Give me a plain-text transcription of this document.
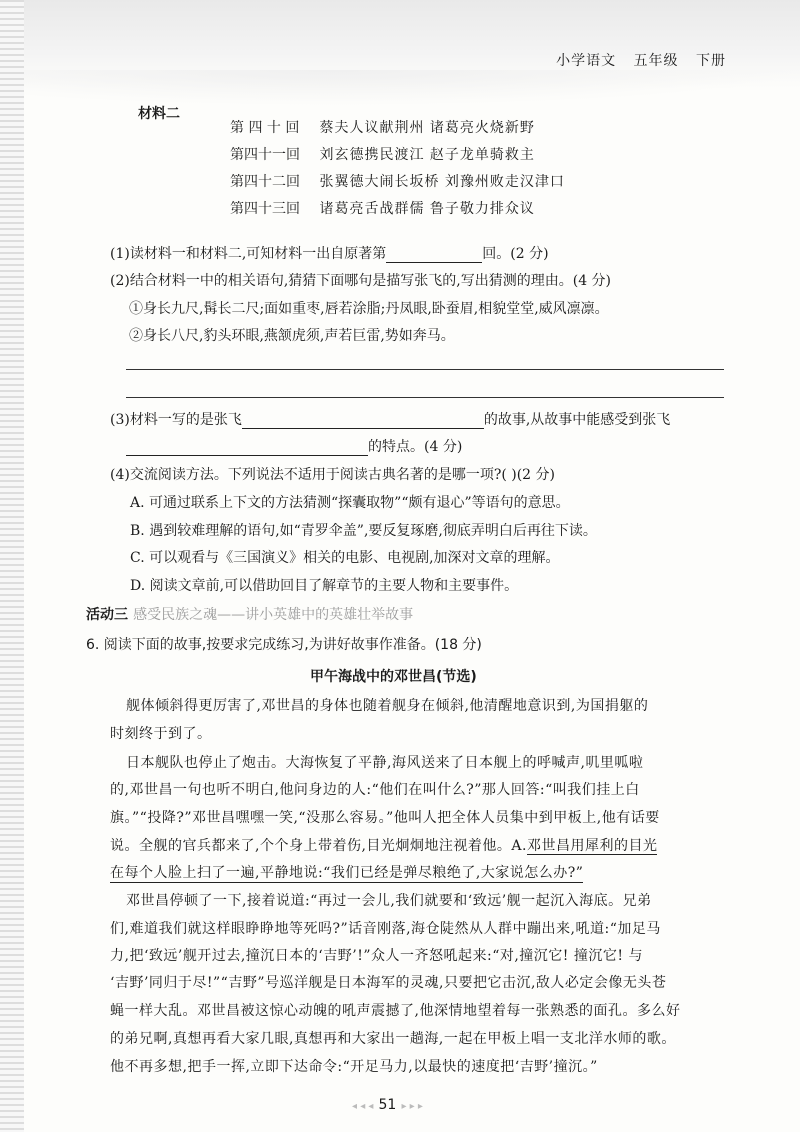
小学语文 五年级 下册
材料二
第 四 十 回 蔡夫人议献荆州 诸葛亮火烧新野
第四十一回 刘玄德携民渡江 赵子龙单骑救主
第四十二回 张翼德大闹长坂桥 刘豫州败走汉津口
第四十三回 诸葛亮舌战群儒 鲁子敬力排众议
(1)读材料一和材料二,可知材料一出自原著第	回。(2 分)
(2)结合材料一中的相关语句,猜猜下面哪句是描写张飞的,写出猜测的理由。(4 分)
①身长九尺,髯长二尺;面如重枣,唇若涂脂;丹凤眼,卧蚕眉,相貌堂堂,威风凛凛。
②身长八尺,豹头环眼,燕颔虎须,声若巨雷,势如奔马。
(3)材料一写的是张飞	的故事,从故事中能感受到张飞
的特点。(4 分)
(4)交流阅读方法。下列说法不适用于阅读古典名著的是哪一项?( )(2 分)
A. 可通过联系上下文的方法猜测“探囊取物”“颇有退心”等语句的意思。
B. 遇到较难理解的语句,如“青罗伞盖”,要反复琢磨,彻底弄明白后再往下读。
C. 可以观看与《三国演义》相关的电影、电视剧,加深对文章的理解。
D. 阅读文章前,可以借助回目了解章节的主要人物和主要事件。
活动三 感受民族之魂——讲小英雄中的英雄壮举故事
6. 阅读下面的故事,按要求完成练习,为讲好故事作准备。(18 分)
甲午海战中的邓世昌(节选)
舰体倾斜得更厉害了,邓世昌的身体也随着舰身在倾斜,他清醒地意识到,为国捐躯的
时刻终于到了。
日本舰队也停止了炮击。大海恢复了平静,海风送来了日本舰上的呼喊声,叽里呱啦
的,邓世昌一句也听不明白,他问身边的人:“他们在叫什么?”那人回答:“叫我们挂上白
旗。”“投降?”邓世昌嘿嘿一笑,“没那么容易。”他叫人把全体人员集中到甲板上,他有话要
说。全舰的官兵都来了,个个身上带着伤,目光炯炯地注视着他。A.邓世昌用犀利的目光
在每个人脸上扫了一遍,平静地说:“我们已经是弹尽粮绝了,大家说怎么办?”
邓世昌停顿了一下,接着说道:“再过一会儿,我们就要和‘致远’舰一起沉入海底。兄弟
们,难道我们就这样眼睁睁地等死吗?”话音刚落,海仓陡然从人群中蹦出来,吼道:“加足马
力,把‘致远’舰开过去,撞沉日本的‘吉野’!”众人一齐怒吼起来:“对,撞沉它! 撞沉它! 与
‘吉野’同归于尽!”“吉野”号巡洋舰是日本海军的灵魂,只要把它击沉,敌人必定会像无头苍
蝇一样大乱。邓世昌被这惊心动魄的吼声震撼了,他深情地望着每一张熟悉的面孔。多么好
的弟兄啊,真想再看大家几眼,真想再和大家出一趟海,一起在甲板上唱一支北洋水师的歌。
他不再多想,把手一挥,立即下达命令:“开足马力,以最快的速度把‘吉野’撞沉。”
◂ ◂ ◂ 51 ▸ ▸ ▸
